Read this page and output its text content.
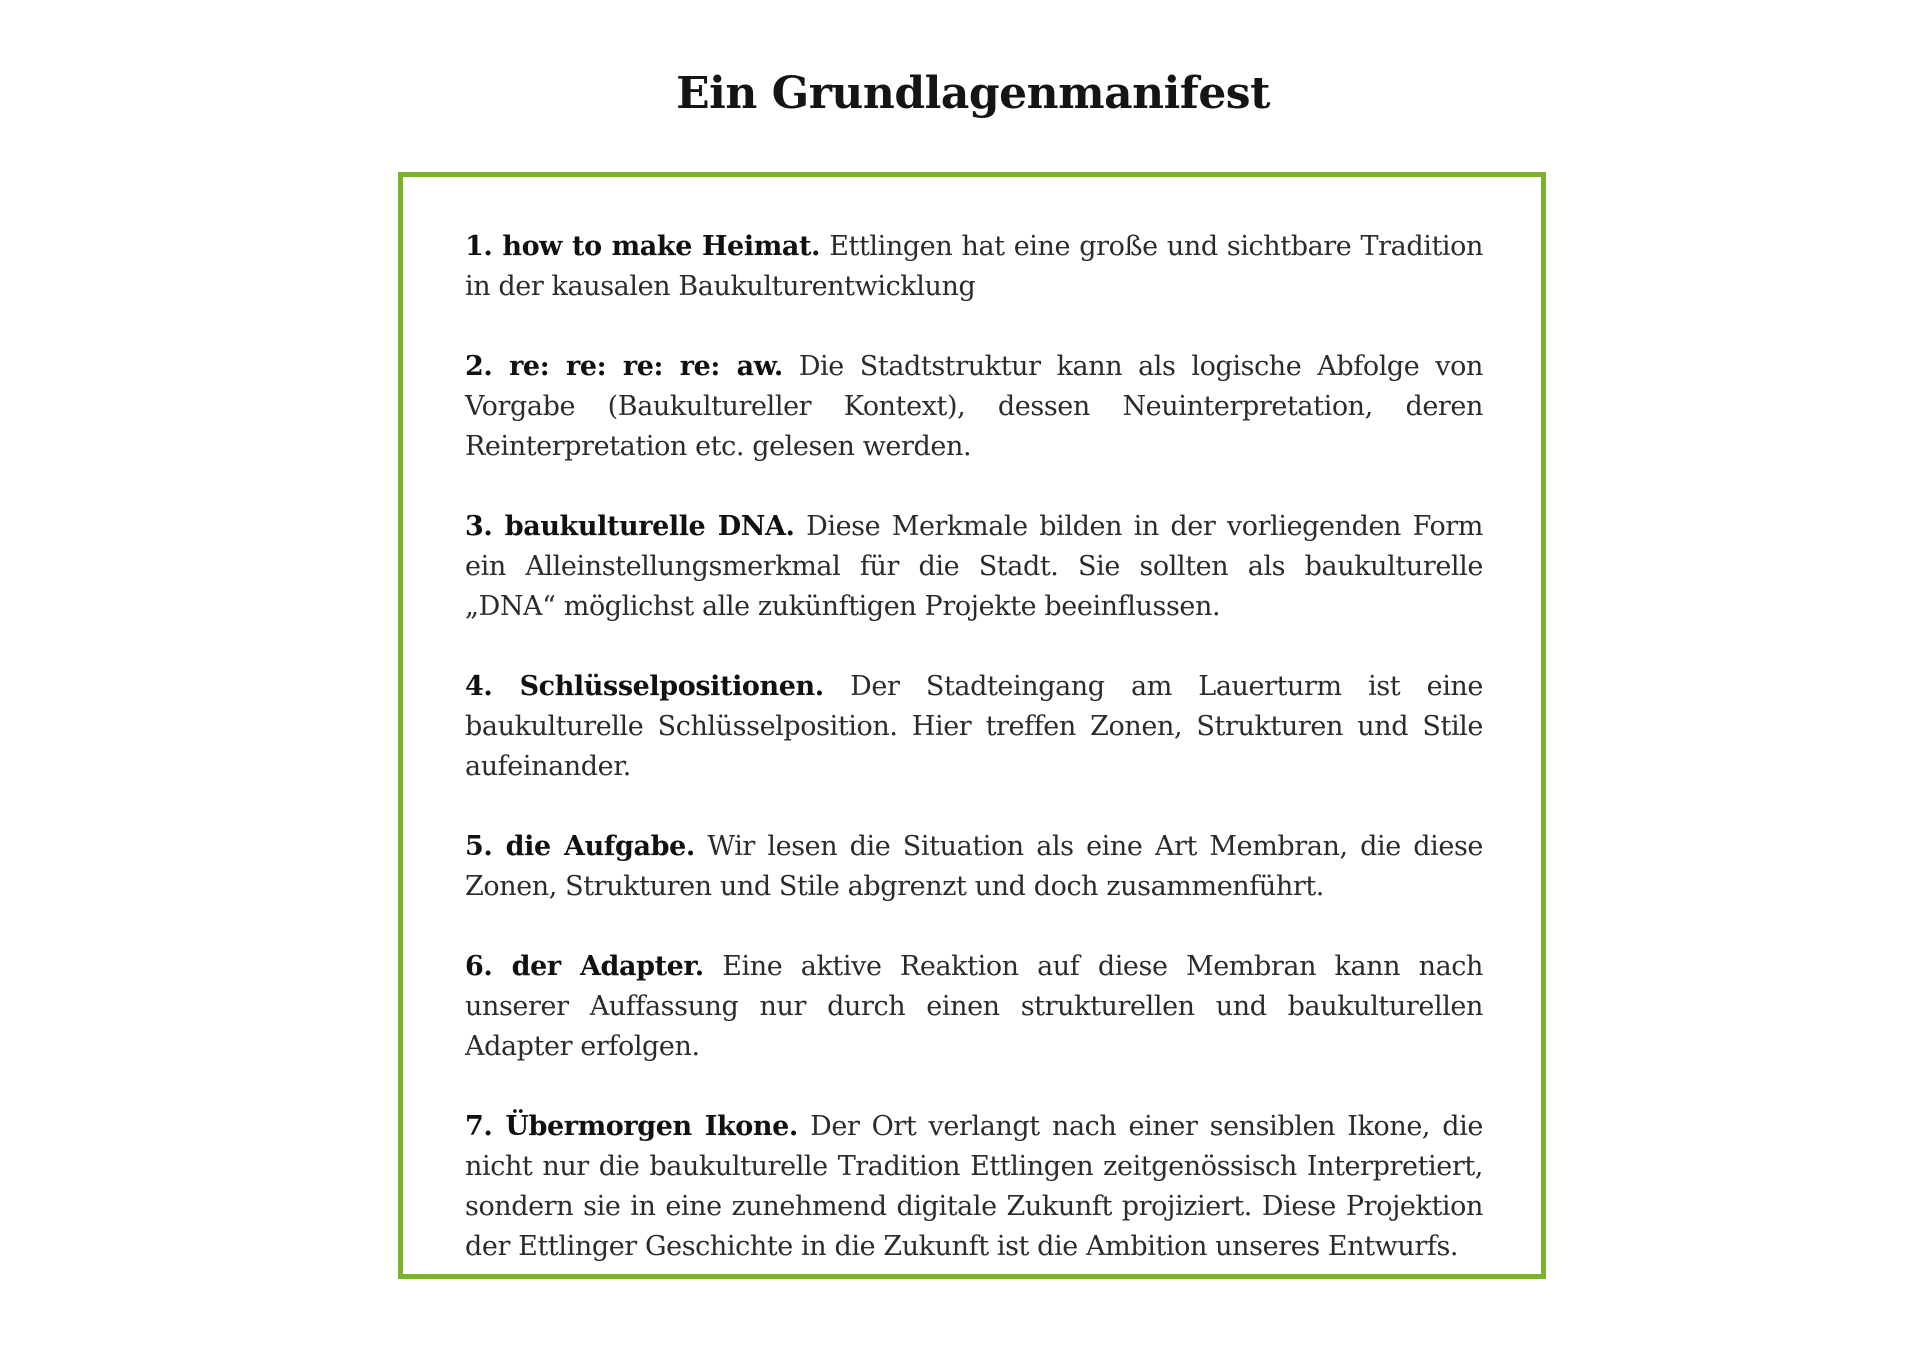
Ein Grundlagenmanifest
1. how to make Heimat. Ettlingen hat eine große und sichtbare Tradition in der kausalen Baukulturentwicklung
2. re: re: re: re: aw. Die Stadtstruktur kann als logische Abfolge von Vorgabe (Baukultureller Kontext), dessen Neuinterpretation, deren Reinterpretation etc. gelesen werden.
3. baukulturelle DNA. Diese Merkmale bilden in der vorliegenden Form ein Alleinstellungsmerkmal für die Stadt. Sie sollten als baukulturelle „DNA“ möglichst alle zukünftigen Projekte beeinflussen.
4. Schlüsselpositionen. Der Stadteingang am Lauerturm ist eine baukulturelle Schlüsselposition. Hier treffen Zonen, Strukturen und Stile aufeinander.
5. die Aufgabe. Wir lesen die Situation als eine Art Membran, die diese Zonen, Strukturen und Stile abgrenzt und doch zusammenführt.
6. der Adapter. Eine aktive Reaktion auf diese Membran kann nach unserer Auffassung nur durch einen strukturellen und baukulturellen Adapter erfolgen.
7. Übermorgen Ikone. Der Ort verlangt nach einer sensiblen Ikone, die nicht nur die baukulturelle Tradition Ettlingen zeitgenössisch Interpretiert, sondern sie in eine zunehmend digitale Zukunft projiziert. Diese Projektion der Ettlinger Geschichte in die Zukunft ist die Ambition unseres Entwurfs.
